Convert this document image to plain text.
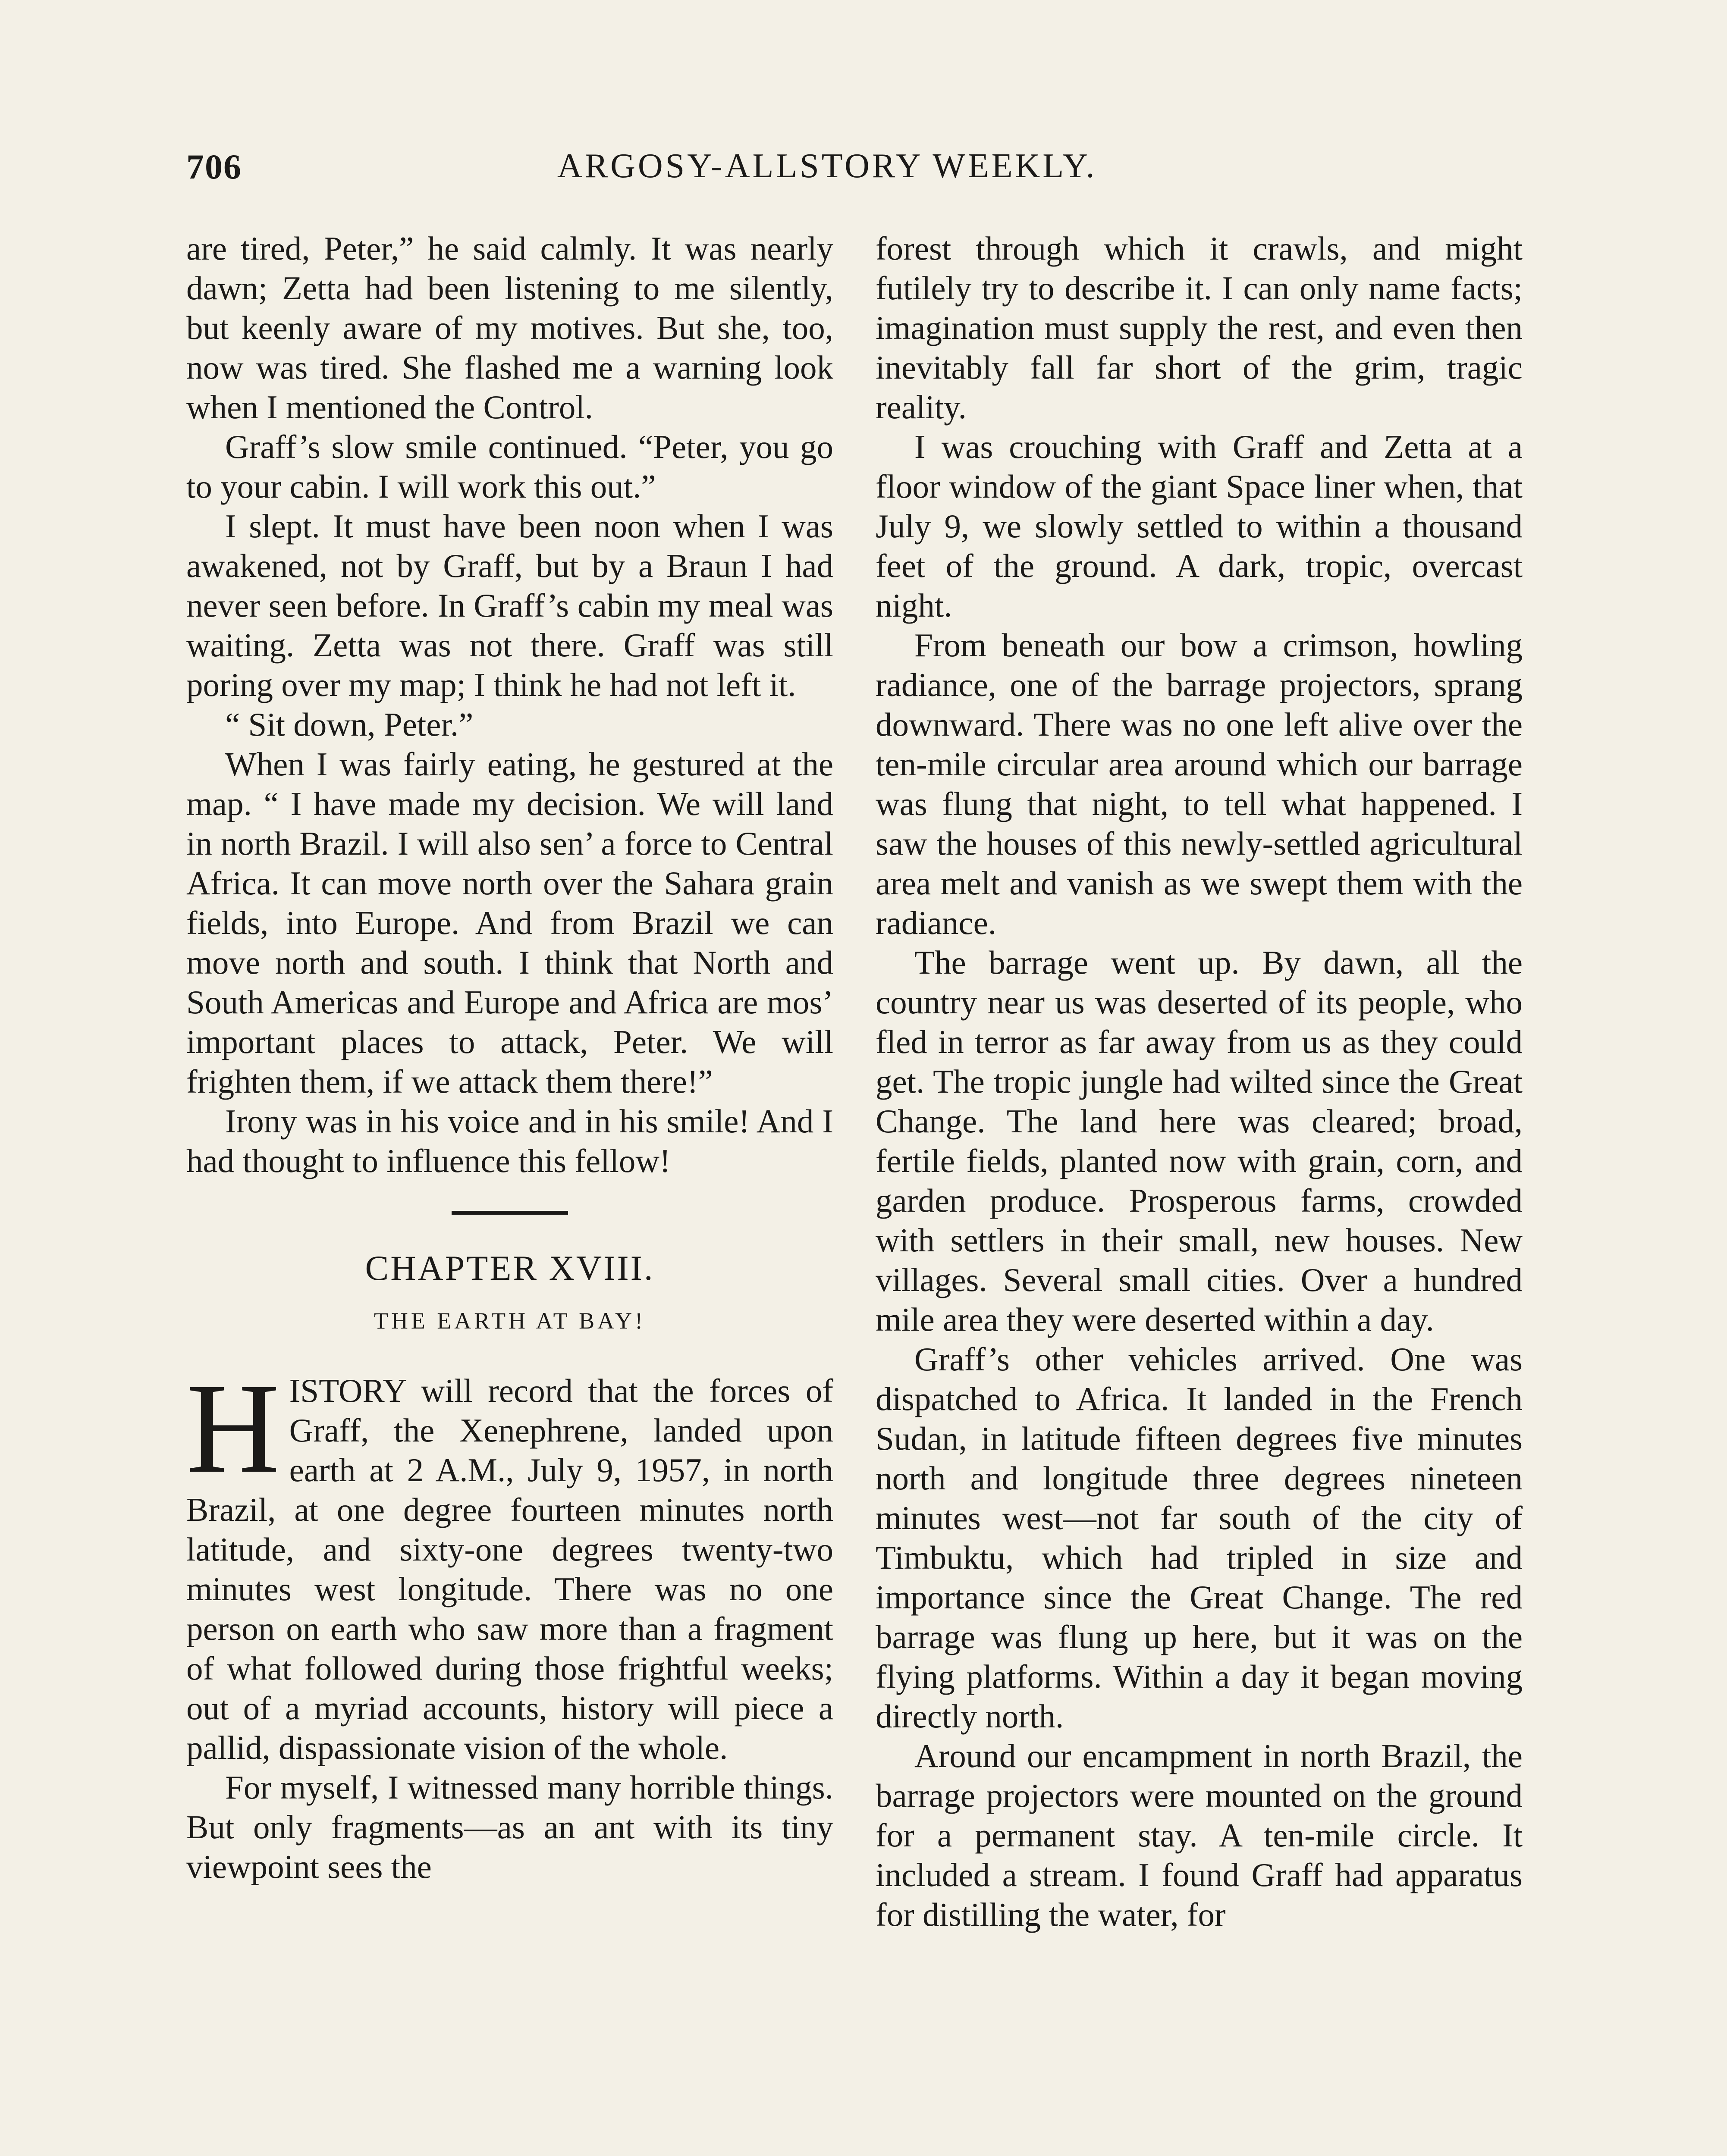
706	ARGOSY-ALLSTORY WEEKLY.

are tired, Peter,” he said calmly. It was nearly dawn; Zetta had been listening to me silently, but keenly aware of my motives. But she, too, now was tired. She flashed me a warning look when I mentioned the Control.

Graff’s slow smile continued. “Peter, you go to your cabin. I will work this out.”

I slept. It must have been noon when I was awakened, not by Graff, but by a Braun I had never seen before. In Graff’s cabin my meal was waiting. Zetta was not there. Graff was still poring over my map; I think he had not left it.

“ Sit down, Peter.”

When I was fairly eating, he gestured at the map. “ I have made my decision. We will land in north Brazil. I will also sen’ a force to Central Africa. It can move north over the Sahara grain fields, into Europe. And from Brazil we can move north and south. I think that North and South Americas and Europe and Africa are mos’ important places to attack, Peter. We will frighten them, if we attack them there!”

Irony was in his voice and in his smile! And I had thought to influence this fellow!

CHAPTER XVIII.

THE EARTH AT BAY!

HISTORY will record that the forces of Graff, the Xenephrene, landed upon earth at 2 A.M., July 9, 1957, in north Brazil, at one degree fourteen minutes north latitude, and sixty-one degrees twenty-two minutes west longitude. There was no one person on earth who saw more than a fragment of what followed during those frightful weeks; out of a myriad accounts, history will piece a pallid, dispassionate vision of the whole.

For myself, I witnessed many horrible things. But only fragments—as an ant with its tiny viewpoint sees the

forest through which it crawls, and might futilely try to describe it. I can only name facts; imagination must supply the rest, and even then inevitably fall far short of the grim, tragic reality.

I was crouching with Graff and Zetta at a floor window of the giant Space liner when, that July 9, we slowly settled to within a thousand feet of the ground. A dark, tropic, overcast night.

From beneath our bow a crimson, howling radiance, one of the barrage projectors, sprang downward. There was no one left alive over the ten-mile circular area around which our barrage was flung that night, to tell what happened. I saw the houses of this newly-settled agricultural area melt and vanish as we swept them with the radiance.

The barrage went up. By dawn, all the country near us was deserted of its people, who fled in terror as far away from us as they could get. The tropic jungle had wilted since the Great Change. The land here was cleared; broad, fertile fields, planted now with grain, corn, and garden produce. Prosperous farms, crowded with settlers in their small, new houses. New villages. Several small cities. Over a hundred mile area they were deserted within a day.

Graff’s other vehicles arrived. One was dispatched to Africa. It landed in the French Sudan, in latitude fifteen degrees five minutes north and longitude three degrees nineteen minutes west—not far south of the city of Timbuktu, which had tripled in size and importance since the Great Change. The red barrage was flung up here, but it was on the flying platforms. Within a day it began moving directly north.

Around our encampment in north Brazil, the barrage projectors were mounted on the ground for a permanent stay. A ten-mile circle. It included a stream. I found Graff had apparatus for distilling the water, for
